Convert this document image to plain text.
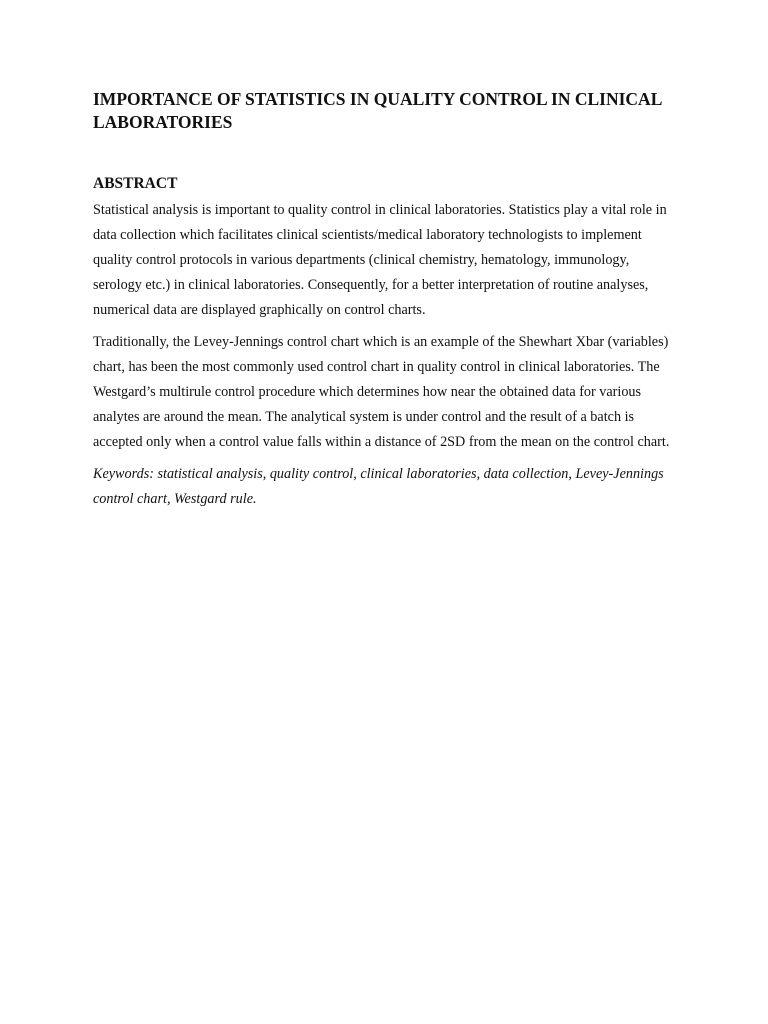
IMPORTANCE OF STATISTICS IN QUALITY CONTROL IN CLINICAL LABORATORIES
ABSTRACT

Statistical analysis is important to quality control in clinical laboratories. Statistics play a vital role in data collection which facilitates clinical scientists/medical laboratory technologists to implement quality control protocols in various departments (clinical chemistry, hematology, immunology, serology etc.) in clinical laboratories. Consequently, for a better interpretation of routine analyses, numerical data are displayed graphically on control charts.

Traditionally, the Levey-Jennings control chart which is an example of the Shewhart Xbar (variables) chart, has been the most commonly used control chart in quality control in clinical laboratories. The Westgard’s multirule control procedure which determines how near the obtained data for various analytes are around the mean. The analytical system is under control and the result of a batch is accepted only when a control value falls within a distance of 2SD from the mean on the control chart.

Keywords: statistical analysis, quality control, clinical laboratories, data collection, Levey-Jennings control chart, Westgard rule.
